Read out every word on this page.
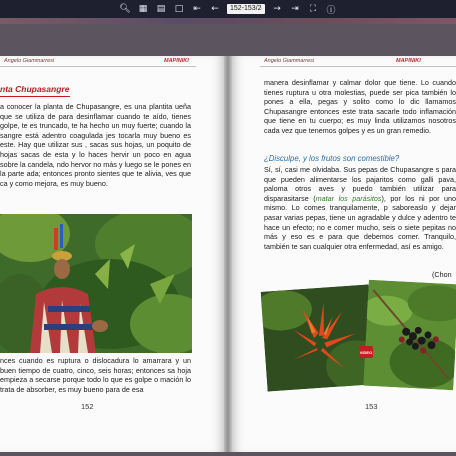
🔍︎ ▦	▤	□	⇤	←
152-153/286	→	⇥	⛶	ⓘ
Angelo Giammarresi	MAPINIKI
nta Chupasangre
a conocer la planta de Chupasangre, es una plantita ueña que se utiliza de para desinflamar cuando te aído, tienes golpe, te es truncado, te ha hecho un muy fuerte; cuando la sangre está adentro coagulada jes tocarla muy bueno es este. Hay que utilizar sus , sacas sus hojas, un poquito de hojas sacas de esta y lo haces hervir un poco en agua sobre la candela, ndo hervor no más y luego se le pones en la parte ada; entonces pronto sientes que te alivia, ves que ca y como mejora, es muy bueno.
nces cuando es ruptura o dislocadura lo amarrara y un buen tiempo de cuatro, cinco, seis horas; entonces sa hoja empieza a secarse porque todo lo que es golpe o mación lo trata de absorber, es muy bueno para de esa
152
Angelo Giammarresi	MAPINIKI
manera desinflamar y calmar dolor que tiene. Lo cuando tienes ruptura u otra molestias, puede ser pica también lo pones a ella, pegas y solito como lo dic llamamos Chupasangre entonces este trata sacarle todo inflamación que tiene en tu cuerpo; es muy linda utilizamos nosotros cada vez que tenemos golpes y es un gran remedio.
¿Disculpe, y los frutos son comestible?
Sí, sí, casi me olvidaba. Sus pepas de Chupasangre s para que pueden alimentarse los pajaritos como galli pava, paloma otros aves y puedo también utilizar para disparasitarse (matar los parásitos), por los ni por uno mismo. Lo comes tranquilamente, p saboreaslo y dejar pasar varias pepas, tiene un agradable y dulce y adentro te hace un efecto; no e comer mucho, seis o siete pepitas no más y eso es e para que debemos comer. Tranquilo, también te san cualquier otra enfermedad, así es amigo.
(Chon
VIDEO
153
